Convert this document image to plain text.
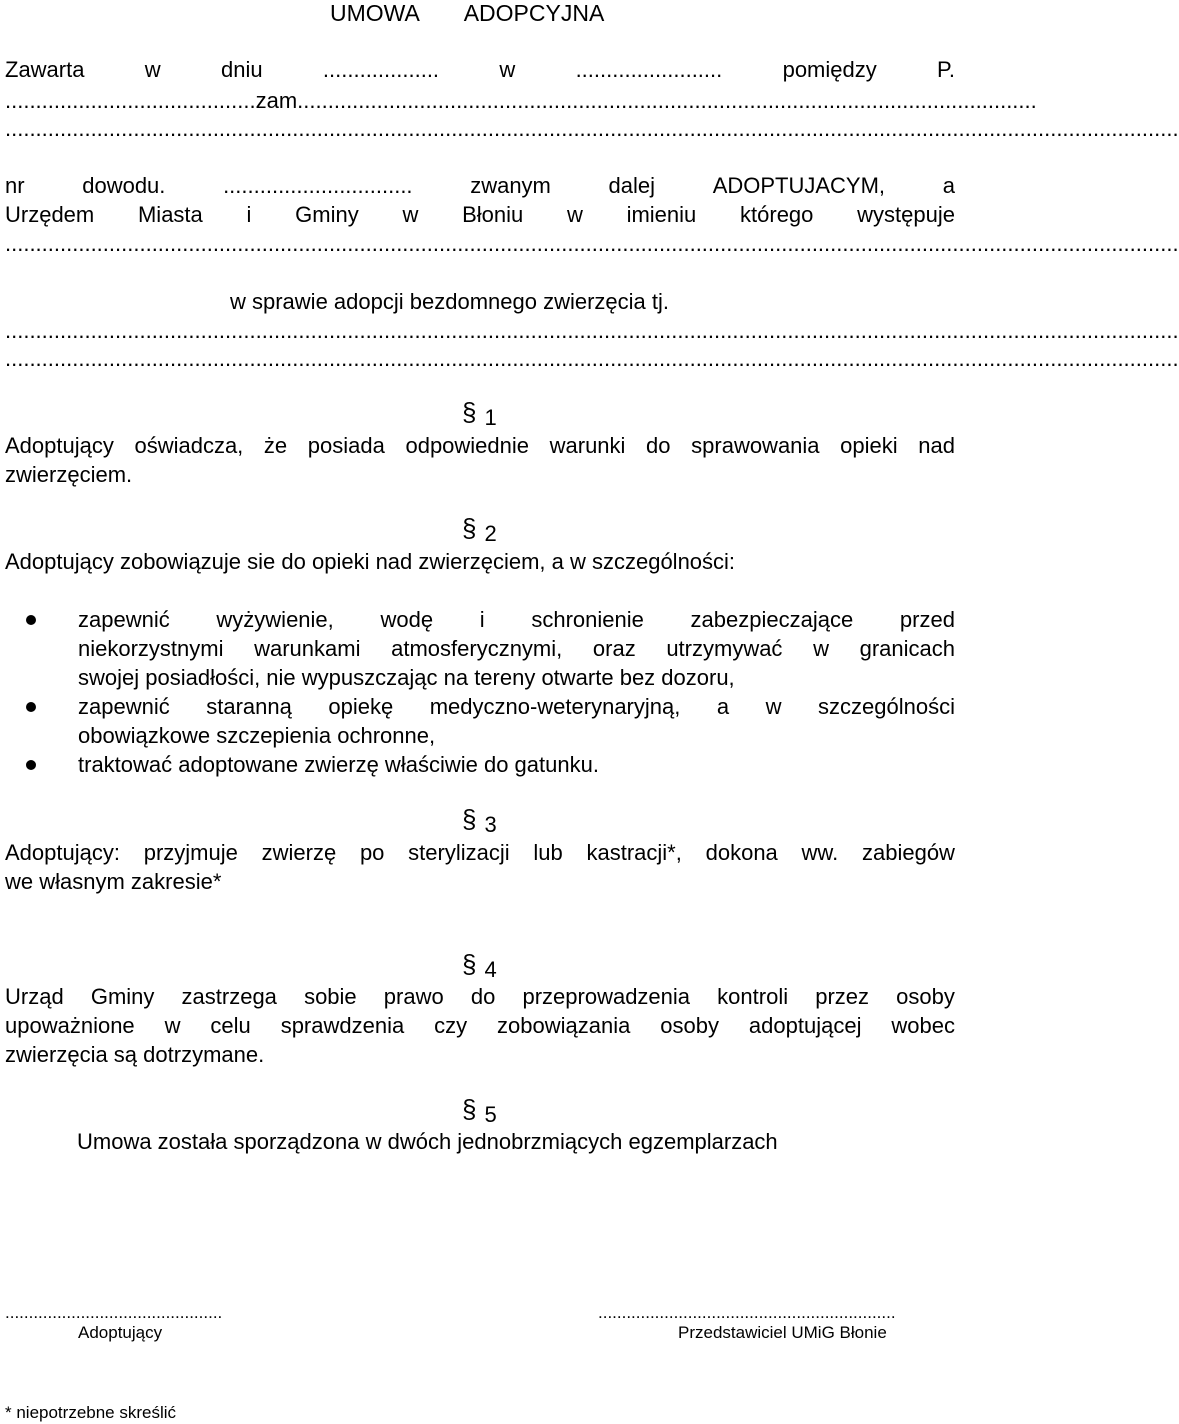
UMOWA ADOPCYJNA
Zawarta	w	dniu	...................	w	........................	pomiędzy	P.
.........................................zam.........................................................................................................................
................................................................................................................................................................................................
nr	dowodu.	...............................	zwanym	dalej	ADOPTUJACYM,	a
Urzędem Miasta i Gminy w Błoniu w imieniu którego występuje
................................................................................................................................................................................................
w sprawie adopcji bezdomnego zwierzęcia tj.
................................................................................................................................................................................................
................................................................................................................................................................................................
§ 1
Adoptujący oświadcza, że posiada odpowiednie warunki do sprawowania opieki nad
zwierzęciem.
§ 2
Adoptujący zobowiązuje sie do opieki nad zwierzęciem, a w szczególności:
zapewnić wyżywienie, wodę i schronienie zabezpieczające przed
niekorzystnymi warunkami atmosferycznymi, oraz utrzymywać w granicach
swojej posiadłości, nie wypuszczając na tereny otwarte bez dozoru,
zapewnić staranną opiekę medyczno-weterynaryjną, a w szczególności
obowiązkowe szczepienia ochronne,
traktować adoptowane zwierzę właściwie do gatunku.
§ 3
Adoptujący: przyjmuje zwierzę po sterylizacji lub kastracji*, dokona ww. zabiegów
we własnym zakresie*
§ 4
Urząd Gminy zastrzega sobie prawo do przeprowadzenia kontroli przez osoby
upoważnione w celu sprawdzenia czy zobowiązania osoby adoptującej wobec
zwierzęcia są dotrzymane.
§ 5
Umowa została sporządzona w dwóch jednobrzmiących egzemplarzach
..............................................
Adoptujący
...............................................................
Przedstawiciel UMiG Błonie
* niepotrzebne skreślić
